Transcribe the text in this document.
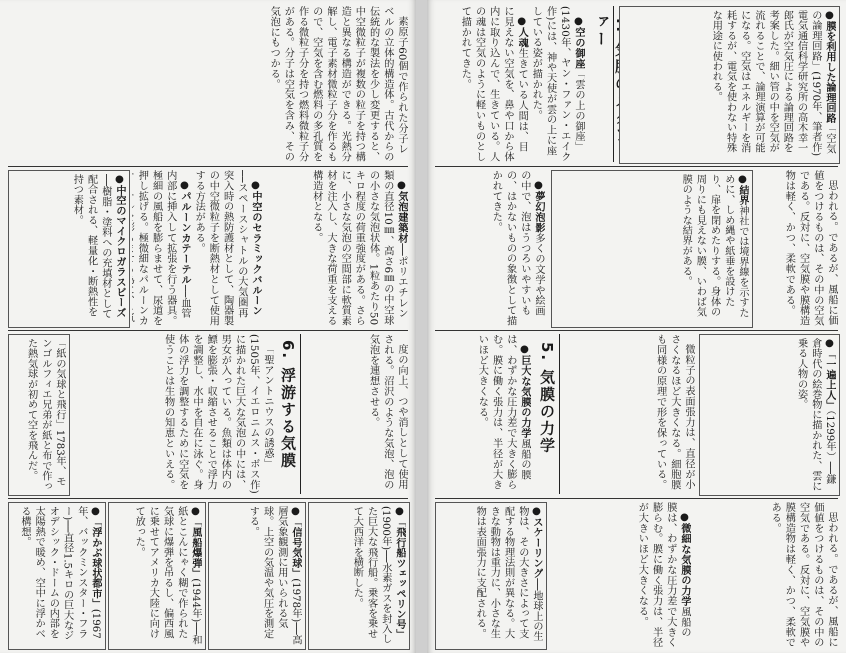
素原子60個で作られた分子レベルの立体的構造体。古代からの伝統的な製法を少し変更すると、中空微粒子が複数の粒子を持つ構造と異なる構造ができる。光熱分解し、電子素材微粒子分を作るもので、空気を含む燃料の多孔質を作る微粒子分を持つ燃料微粒子分がある。分子は空気を含み、その気泡にもつかる。

●中空のマイクロガラスビーズ──樹脂・塗料への充填材として配合される、軽量化・断熱性を持つ素材。	●中空のセラミックバルーン──スペースシャトルの大気圏再突入時の熱防護材として、陶器製の中空微粒子を断熱材として使用する方法がある。

●パルーンカテーテル──血管内部に挿入して拡張を行う器具。極細の風船を膨らませて、尿道を押し拡げる。極微細なパルーンカ

●気泡建築材──ポリエチレン類の直径10㎜、高さ6㎜の中空球の小さな気泡状体。1粒あたり50キロ程度の荷重強度がある。さらに、小さな気泡の空間部に軟質素材を注入し、大きな荷重を支える構造材となる。

「紙の気球と飛行」1783年、モンゴルフィエ兄弟が紙と布で作った熱気球が初めて空を飛んだ。	「聖アントニウスの誘惑」(1505年、イエロニムス・ボス作)に描かれた巨大な気泡の中には、男女が入っている。魚類は体内の鰾を膨張・収縮させることで浮力を調整し、水中を自在に泳ぐ。身体の浮力を調整するために空気を使うことは生物の知恵といえる。	6. 浮游する気膜	度の向上、つや消しとして使用される。沼沢のような気泡、泡の気泡を連想させる。

●「浮かぶ球状都市」(1967年、バックミンスター・フラー)──直径1.5キロの巨大なジオデシック・ドームの内部を太陽熱で暖め、空中に浮かべる構想。	●「風船爆弾」(1944年)──和紙とこんにゃく糊で作られた気球に爆弾を吊るし、偏西風に乗せてアメリカ大陸に向けて放った。	●「信号気球」(1978年)──高層気象観測に用いられる気球。上空の気温や気圧を測定する。	●「飛行船ツェッペリン号」(1900年)──水素ガスを封入した巨大な飛行船。乗客を乗せて大西洋を横断した。

●空の御座「雲の上の御座」(1430年、ヤン・ファン・エイク作)には、神や天使が雲の上に座している姿が描かれた。

●人魂生きている人間は、目に見えない空気を、鼻や口から体内に取り込んで、生きている。人の魂は空気のように軽いものとして描かれてきた。	ァー	●膜を利用した論理回路「空気の論理回路」(1970年、筆者作)電気通信科学研究所の高木幸一郎氏が空気圧による論理回路を考案した。細い管の中を空気が流れることで、論理演算が可能になる。空気はエネルギーを消耗するが、電気を使わない特殊な用途に使われる。

●夢幻泡影多くの文学や絵画の中で、泡はうつろいやすいもの、はかないものの象徴として描かれてきた。	●結界神社では境界線を示すために、しめ縄や紙垂を設けたり、扉を閉めたりする。身体の周りにも見えない膜、いわば気膜のような結界がある。	思われる。であるが、風船に価値をつけるものは、その中の空気である。反対に、空気膜や膜構造物は軽く、かつ、柔軟である。

●巨大な気膜の力学風船の膜は、わずかな圧力差で大きく膨らむ。膜に働く張力は、半径が大きいほど大きくなる。	5. 気膜の力学	微粒子の表面張力は、直径が小さくなるほど大きくなる。細胞膜も同様の原理で形を保っている。	●「一遍上人」（1299年）──鎌倉時代の絵巻物に描かれた、雲に乗る人物の姿。

●スケーリング──地球上の生物は、その大きさによって支配する物理法則が異なる。大きな動物は重力に、小さな生物は表面張力に支配される。	●微細な気膜の力学風船の膜は、わずかな圧力差で大きく膨らむ。膜に働く張力は、半径が大きいほど大きくなる。	思われる。であるが、風船に価値をつけるものは、その中の空気である。反対に、空気膜や膜構造物は軽く、かつ、柔軟である。
